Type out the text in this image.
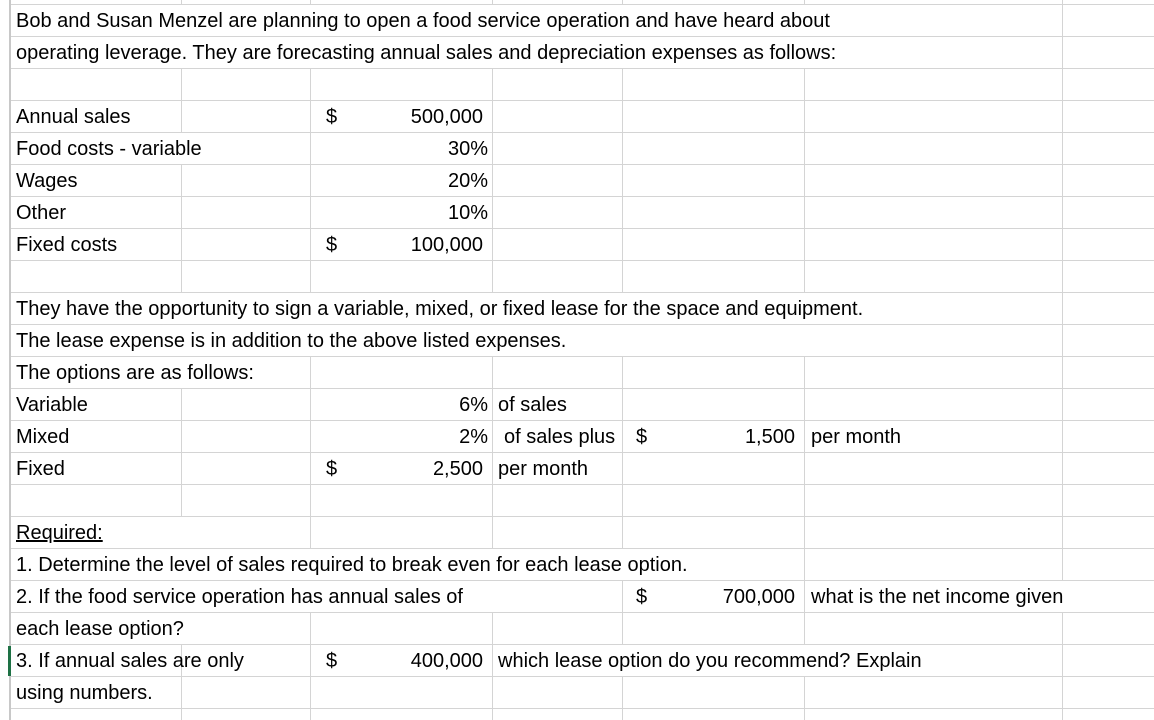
Bob and Susan Menzel are planning to open a food service operation and have heard about
operating leverage. They are forecasting annual sales and depreciation expenses as follows:
Annual sales	$	500,000
Food costs - variable	30%
Wages	20%
Other	10%
Fixed costs	$	100,000
They have the opportunity to sign a variable, mixed, or fixed lease for the space and equipment.
The lease expense is in addition to the above listed expenses.
The options are as follows:
Variable	6% of sales
Mixed	2% of sales plus $	1,500 per month
Fixed	$	2,500 per month
Required:
1. Determine the level of sales required to break even for each lease option.
2. If the food service operation has annual sales of	$	700,000 what is the net income given
each lease option?
3. If annual sales are only	$	400,000 which lease option do you recommend? Explain
using numbers.
